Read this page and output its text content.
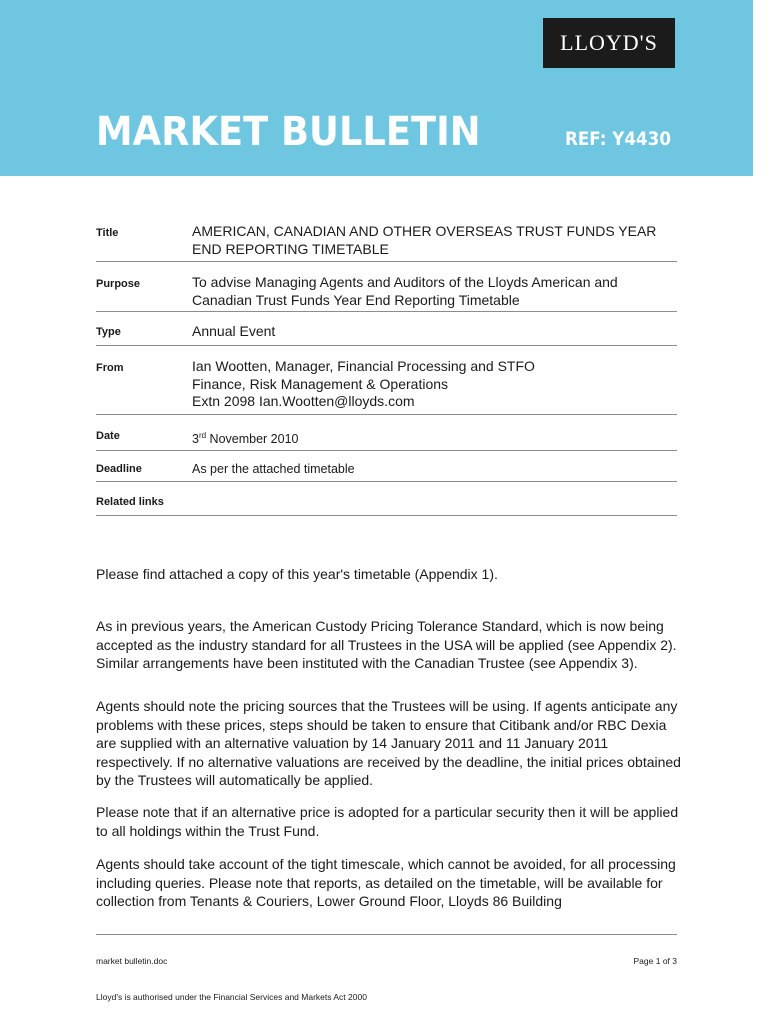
LLOYD'S
MARKET BULLETIN	REF: Y4430
Title	AMERICAN, CANADIAN AND OTHER OVERSEAS TRUST FUNDS YEAR
END REPORTING TIMETABLE
Purpose	To advise Managing Agents and Auditors of the Lloyds American and
Canadian Trust Funds Year End Reporting Timetable
Type	Annual Event
From	Ian Wootten, Manager, Financial Processing and STFO
Finance, Risk Management & Operations
Extn 2098 Ian.Wootten@lloyds.com
Date	3rd November 2010
Deadline	As per the attached timetable
Related links

Please find attached a copy of this year's timetable (Appendix 1).

As in previous years, the American Custody Pricing Tolerance Standard, which is now being accepted as the industry standard for all Trustees in the USA will be applied (see Appendix 2). Similar arrangements have been instituted with the Canadian Trustee (see Appendix 3).

Agents should note the pricing sources that the Trustees will be using. If agents anticipate any problems with these prices, steps should be taken to ensure that Citibank and/or RBC Dexia are supplied with an alternative valuation by 14 January 2011 and 11 January 2011 respectively. If no alternative valuations are received by the deadline, the initial prices obtained by the Trustees will automatically be applied.

Please note that if an alternative price is adopted for a particular security then it will be applied to all holdings within the Trust Fund.

Agents should take account of the tight timescale, which cannot be avoided, for all processing including queries. Please note that reports, as detailed on the timetable, will be available for collection from Tenants & Couriers, Lower Ground Floor, Lloyds 86 Building

market bulletin.doc	Page 1 of 3
Lloyd's is authorised under the Financial Services and Markets Act 2000
